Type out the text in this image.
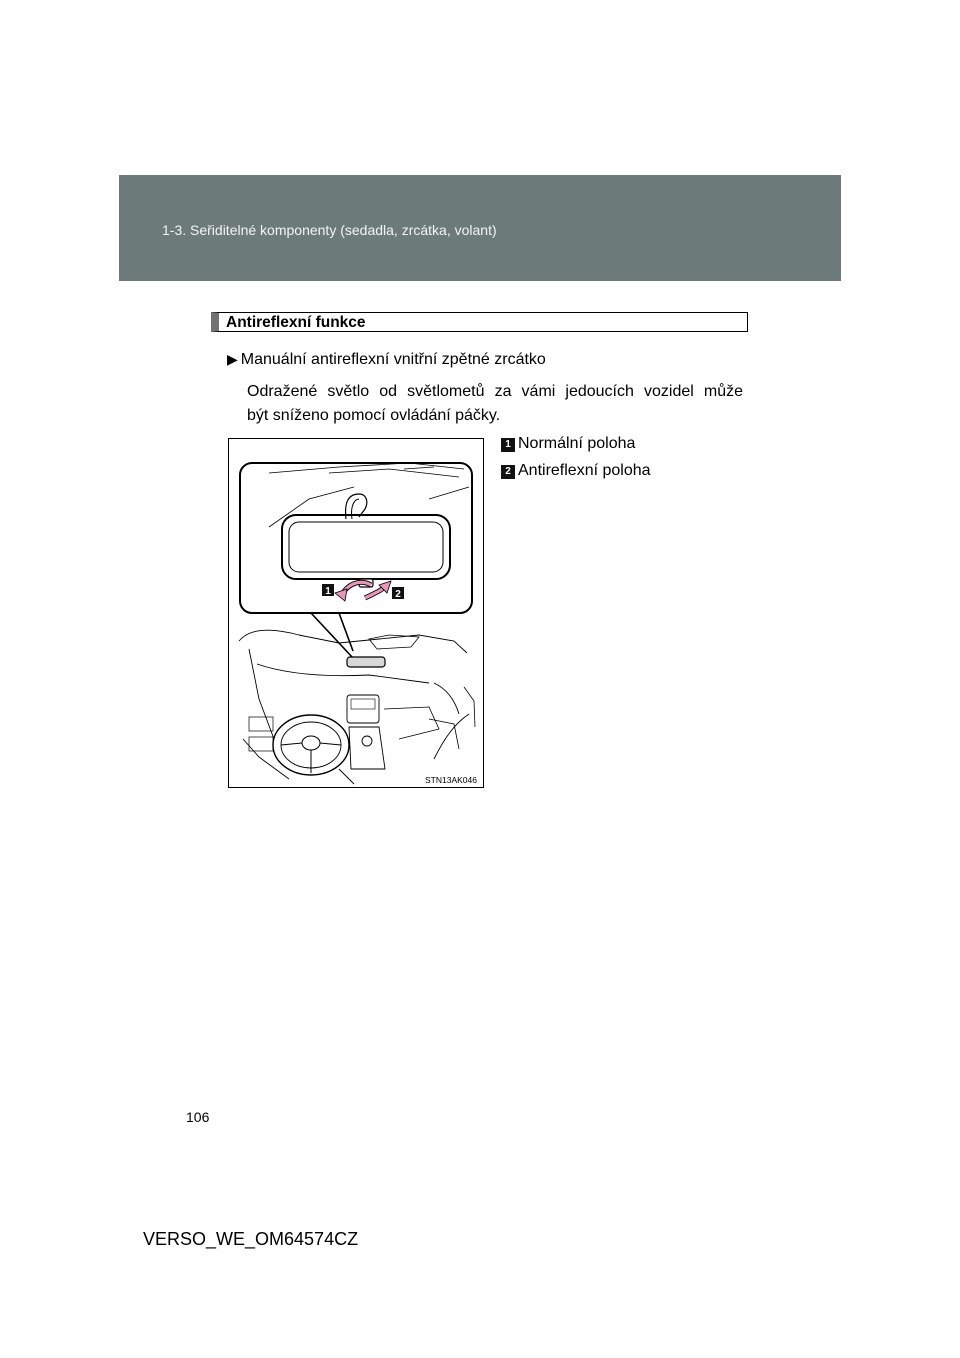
1-3. Seřiditelné komponenty (sedadla, zrcátka, volant)
Antireflexní funkce
▶ Manuální antireflexní vnitřní zpětné zrcátko
Odražené světlo od světlometů za vámi jedoucích vozidel může
být sníženo pomocí ovládání páčky.
1 Normální poloha
2 Antireflexní poloha
1	2
STN13AK046
106
VERSO_WE_OM64574CZ
